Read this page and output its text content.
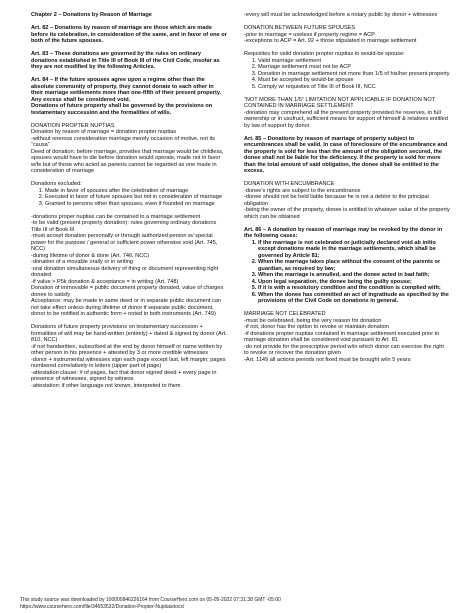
Chapter 2 – Donations by Reason of Marriage

Art. 82 – Donations by reason of marriage are those which are made before its celebration, in consideration of the same, and in favor of one or both of the future spouses.

Art. 83 – These donations are governed by the rules on ordinary donations established in Title III of Book III of the Civil Code, insofar as they are not modified by the following Articles.

Art. 84 – If the future spouses agree upon a regime other than the absolute community of property, they cannot donate to each other in their marriage settlements more than one-fifth of their present property. Any excess shall be considered void.

Donations of future property shall be governed by the provisions on testamentary succession and the formalities of wills.

DONATION PROPTER NUPTIAS

Donation by reason of marriage = donation propter nuptias
-without onerous consideration marriage merely occasion of motive, not its “causa”
Deed of donation: before marriage, provides that marriage would be childless, spouses would have to die before donation would operate, made not in favor w/fe but of those who acted as parents cannot be regarded as one made in consideration of marriage

Donations excluded:

1. Made in favor of spouses after the celebration of marriage
2. Executed in favor of future spouses but not in consideration of marriage
3. Granted to persons other than spouses, even if founded on marriage
-donations proper nuptias can be contained in a marriage settlement
-to be valid (present property donation): rules governing ordinary donations Title III of Book III
-must accept donation personally or through authorized person w/ special power for the purpose / general or sufficient power otherwise void (Art. 745, NCC)
-during lifetime of donor & done (Art. 746, NCC)
-donation of a movable orally or in writing
-oral donation simultaneous delivery of thing or document representing right donated
-if value > P5k donation & acceptance = in writing (Art. 748)
Donation of immovable = public document property donated, value of charges donee to satisfy
Acceptance: may be made in same deed or in separate public document can not take effect unless during lifetime of donor if separate public document, donor to be notified in authentic form + noted in both instruments (Art. 749)
Donations of future property provisions on testamentary succession + formalities of will may be hand-written (entirely) + dated & signed by donor (Art. 810, NCC)
-if not handwritten, subscribed at the end by donor himself or name written by other person in his presence + attested by 3 or more credible witnesses
-donor + instrumental witnesses sign each page except last, left margin; pages numbered correlatively in letters (upper part of page)
-attestation clause: # of pages, fact that donor signed deed + every page in presence of witnesses, signed by witness
-attestation: if other language not known, interpreted to them

-every will must be acknowledged before a notary public by donor + witnesses

DONATION BETWEEN FUTURE SPOUSES

-prior to marriage = useless if property regime = ACP
-exceptions to ACP = Art. 92 + those stipulated in marriage settlement

Requisites for valid donation propter nuptias to would-be spouse:

1. Valid marriage settlement
2. Marriage settlement must not be ACP
3. Donation in marriage settlement not more than 1/5 of his/her present property
4. Must be accepted by would-be spouse
5. Comply w/ requisites of Title III of Book III, NCC

“NOT MORE THAN 1/5” LIMITATION NOT APPLICABLE IF DONATION NOT CONTAINED IN MARRIAGE SETTLEMENT

-donation may comprehend all the present property provided he reserves, in full ownership or in usufruct, sufficient means for support of himself & relatives entitled by law of support by donor

Art. 85 – Donations by reason of marriage of property subject to encumbrances shall be valid. In case of foreclosure of the encumbrance and the property is sold for less than the amount of the obligation secured, the donee shall not be liable for the deficiency. If the property is sold for more than the total amount of said obligation, the donee shall be entitled to the excess.

DONATION WITH ENCUMBRANCE

-donee’s rights are subject to the encumbrance
-donee should not be held liable because he is not a debtor to the principal obligation
-being the owner of the property, donee is entitled to whatever value of the property which can be obtained

Art. 86 – A donation by reason of marriage may be revoked by the donor in the following cases:

1. If the marriage is not celebrated or judicially declared void ab initio except donations made in the marriage settlements, which shall be governed by Article 81;
2. When the marriage takes place without the consent of the parents or guardian, as required by law;
3. When the marriage is annulled, and the donee acted in bad faith;
4. Upon legal separation, the donee being the guilty spouse;
5. If it is with a resolutory condition and the condition is complied with;
6. When the donee has committed an act of ingratitude as specified by the provisions of the Civil Code on donations in general.

MARRIAGE NOT CELEBRATED

-must be celebrated, being the very reason for donation
-if not, donor has the option to revoke or maintain donation
-if donations propter nuptias contained in marriage settlement executed prior to marriage donation shall be considered void pursuant to Art. 81
-do not provide for the prescriptive period w/in which donor can exercise the right to revoke or recover the donation given
-Art. 1149 all actions periods not fixed must be brought w/in 5 years
This study source was downloaded by 100000846226164 from CourseHero.com on 05-05-2022 07:31:38 GMT -05:00
https://www.coursehero.com/file/34653532/Donation-Propter-Nuptiasdocx/
